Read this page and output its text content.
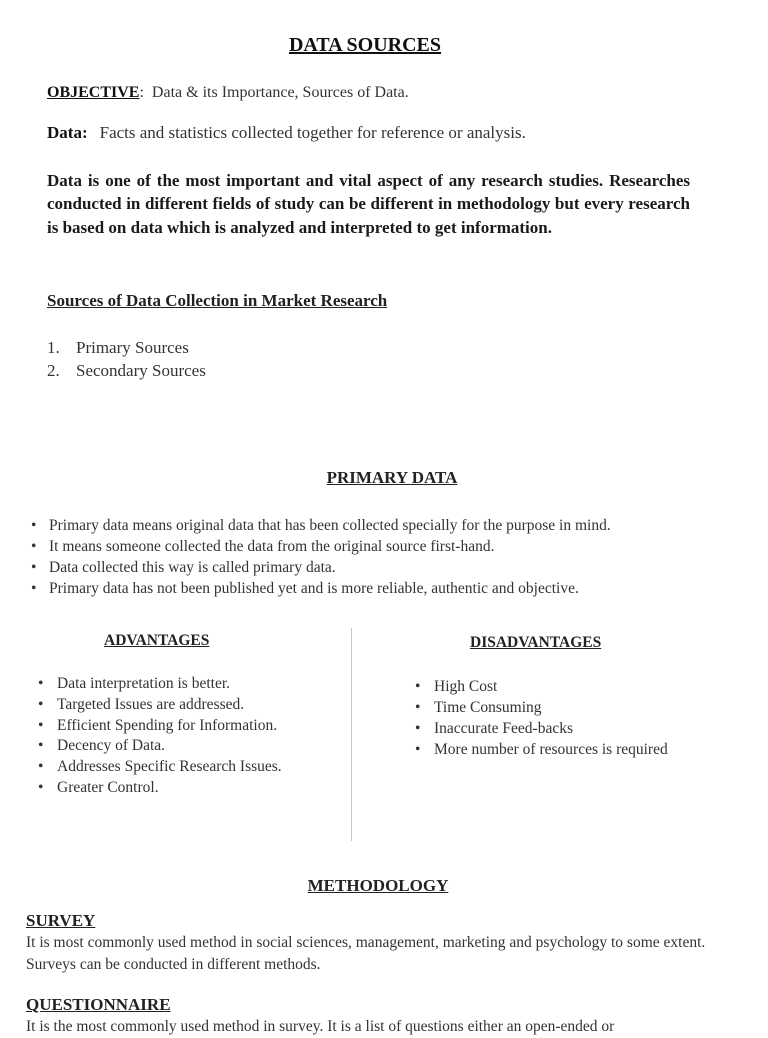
DATA SOURCES
OBJECTIVE: Data & its Importance, Sources of Data.
Data: Facts and statistics collected together for reference or analysis.
Data is one of the most important and vital aspect of any research studies. Researches conducted in different fields of study can be different in methodology but every research is based on data which is analyzed and interpreted to get information.
Sources of Data Collection in Market Research
1. Primary Sources
2. Secondary Sources
PRIMARY DATA
• Primary data means original data that has been collected specially for the purpose in mind.
• It means someone collected the data from the original source first-hand.
• Data collected this way is called primary data.
• Primary data has not been published yet and is more reliable, authentic and objective.
ADVANTAGES	DISADVANTAGES
• Data interpretation is better.
• Targeted Issues are addressed.
• Efficient Spending for Information.
• Decency of Data.
• Addresses Specific Research Issues.
• Greater Control.
• High Cost
• Time Consuming
• Inaccurate Feed-backs
• More number of resources is required
METHODOLOGY
SURVEY
It is most commonly used method in social sciences, management, marketing and psychology to some extent. Surveys can be conducted in different methods.
QUESTIONNAIRE
It is the most commonly used method in survey. It is a list of questions either an open-ended or
